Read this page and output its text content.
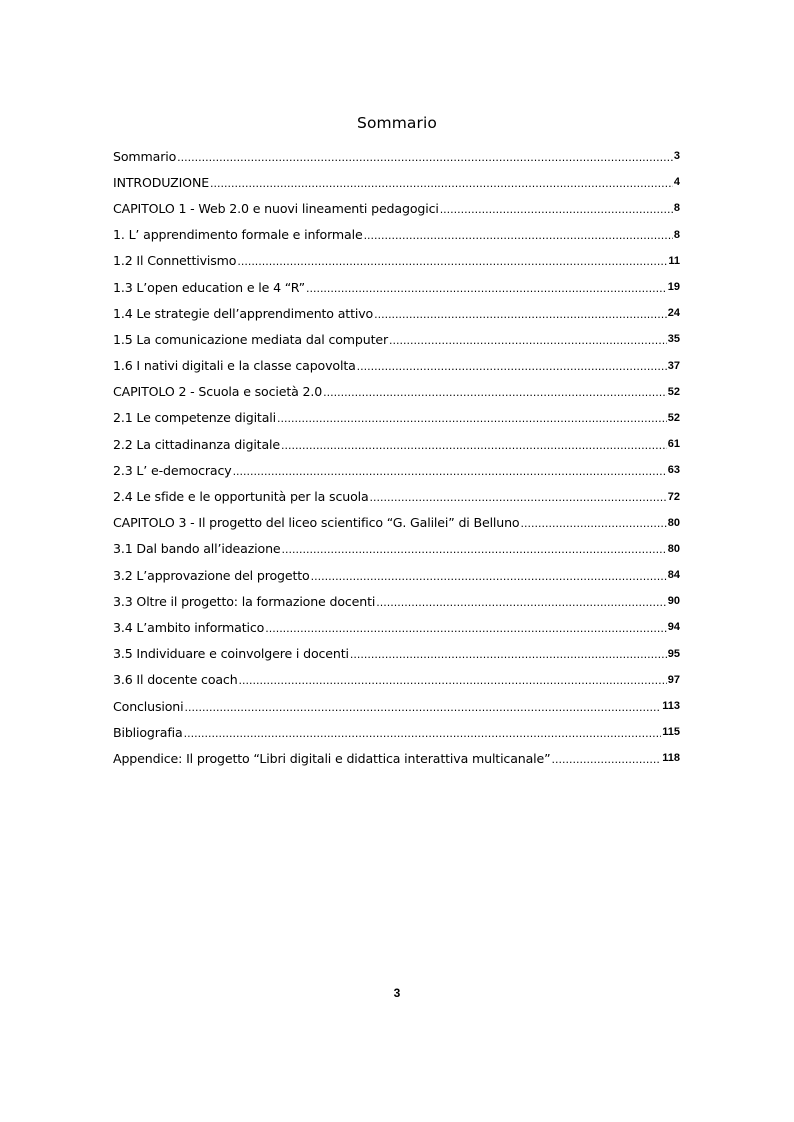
Sommario
Sommario .....	3
INTRODUZIONE .....	4
CAPITOLO 1 - Web 2.0 e nuovi lineamenti pedagogici .....	8
1. L’ apprendimento formale e informale .....	8
1.2 Il Connettivismo .....	11
1.3 L’open education e le 4 “R” .....	19
1.4 Le strategie dell’apprendimento attivo .....	24
1.5 La comunicazione mediata dal computer .....	35
1.6 I nativi digitali e la classe capovolta .....	37
CAPITOLO 2 - Scuola e società 2.0 .....	52
2.1 Le competenze digitali .....	52
2.2 La cittadinanza digitale .....	61
2.3 L’ e-democracy .....	63
2.4 Le sfide e le opportunità per la scuola .....	72
CAPITOLO 3 - Il progetto del liceo scientifico “G. Galilei” di Belluno .....	80
3.1 Dal bando all’ideazione .....	80
3.2 L’approvazione del progetto .....	84
3.3 Oltre il progetto: la formazione docenti .....	90
3.4 L’ambito informatico .....	94
3.5 Individuare e coinvolgere i docenti .....	95
3.6 Il docente coach .....	97
Conclusioni .....	113
Bibliografia .....	115
Appendice: Il progetto “Libri digitali e didattica interattiva multicanale” .....	118
3
